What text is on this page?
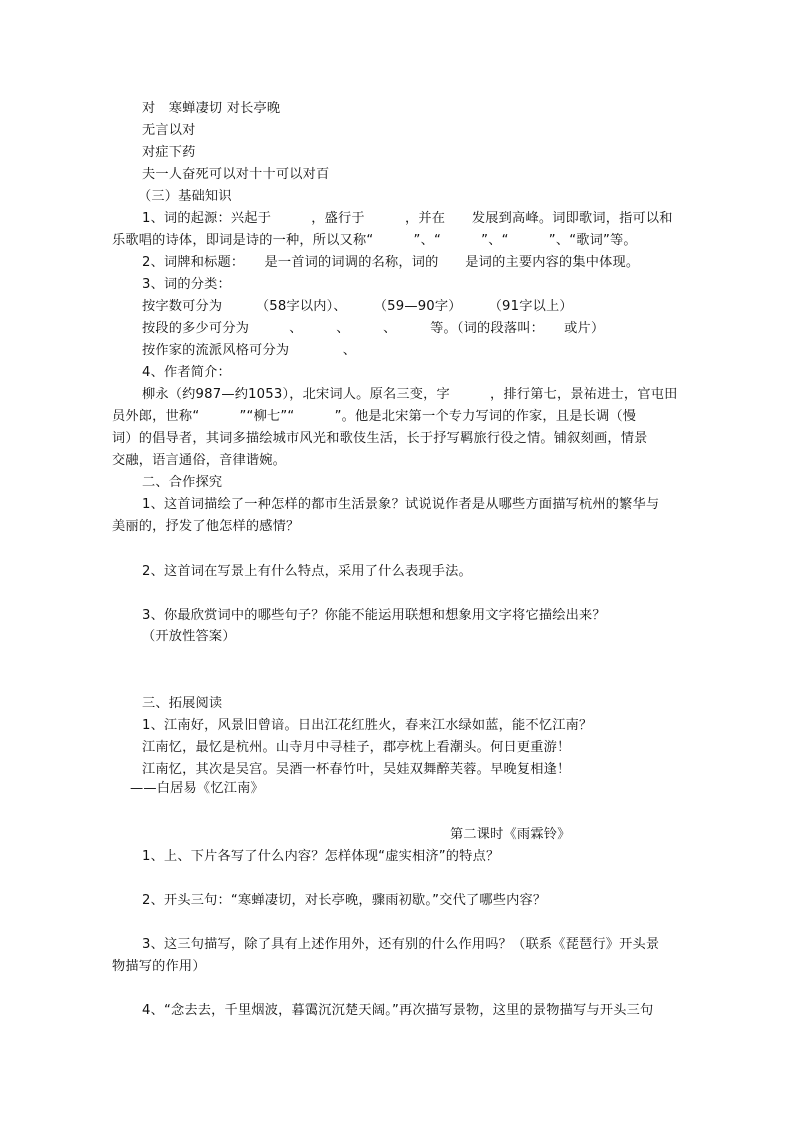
对　寒蝉凄切 对长亭晚
无言以对
对症下药
夫一人奋死可以对十十可以对百
（三）基础知识
1、词的起源：兴起于　　　，盛行于　　　，并在　　发展到高峰。词即歌词，指可以和
乐歌唱的诗体，即词是诗的一种，所以又称“　　　”、“　　　”、“　　　”、“歌词”等。
2、词牌和标题：　　是一首词的词调的名称，词的　　是词的主要内容的集中体现。
3、词的分类：
按字数可分为　　　（58字以内）、　　　（59—90字）　　　（91字以上）
按段的多少可分为　　　、　　　、　　　、　　　等。（词的段落叫：　　或片）
按作家的流派风格可分为　　　　、
4、作者简介：
柳永（约987—约1053），北宋词人。原名三变，字　　　，排行第七，景祐进士，官屯田
员外郎，世称“　　　”“柳七”“　　　”。他是北宋第一个专力写词的作家，且是长调（慢
词）的倡导者，其词多描绘城市风光和歌伎生活，长于抒写羁旅行役之情。铺叙刻画，情景
交融，语言通俗，音律谐婉。
二、合作探究
1、这首词描绘了一种怎样的都市生活景象？试说说作者是从哪些方面描写杭州的繁华与
美丽的，抒发了他怎样的感情？
2、这首词在写景上有什么特点，采用了什么表现手法。
3、你最欣赏词中的哪些句子？你能不能运用联想和想象用文字将它描绘出来？
（开放性答案）
三、拓展阅读
1、江南好，风景旧曾谙。日出江花红胜火，春来江水绿如蓝，能不忆江南？
江南忆，最忆是杭州。山寺月中寻桂子，郡亭枕上看潮头。何日更重游！
江南忆，其次是吴宫。吴酒一杯春竹叶，吴娃双舞醉芙蓉。早晚复相逢！
——白居易《忆江南》
第二课时《雨霖铃》
1、上、下片各写了什么内容？怎样体现“虚实相济”的特点？
2、开头三句：“寒蝉凄切，对长亭晚，骤雨初歇。”交代了哪些内容？
3、这三句描写，除了具有上述作用外，还有别的什么作用吗？（联系《琵琶行》开头景
物描写的作用）
4、“念去去，千里烟波，暮霭沉沉楚天阔。”再次描写景物，这里的景物描写与开头三句
